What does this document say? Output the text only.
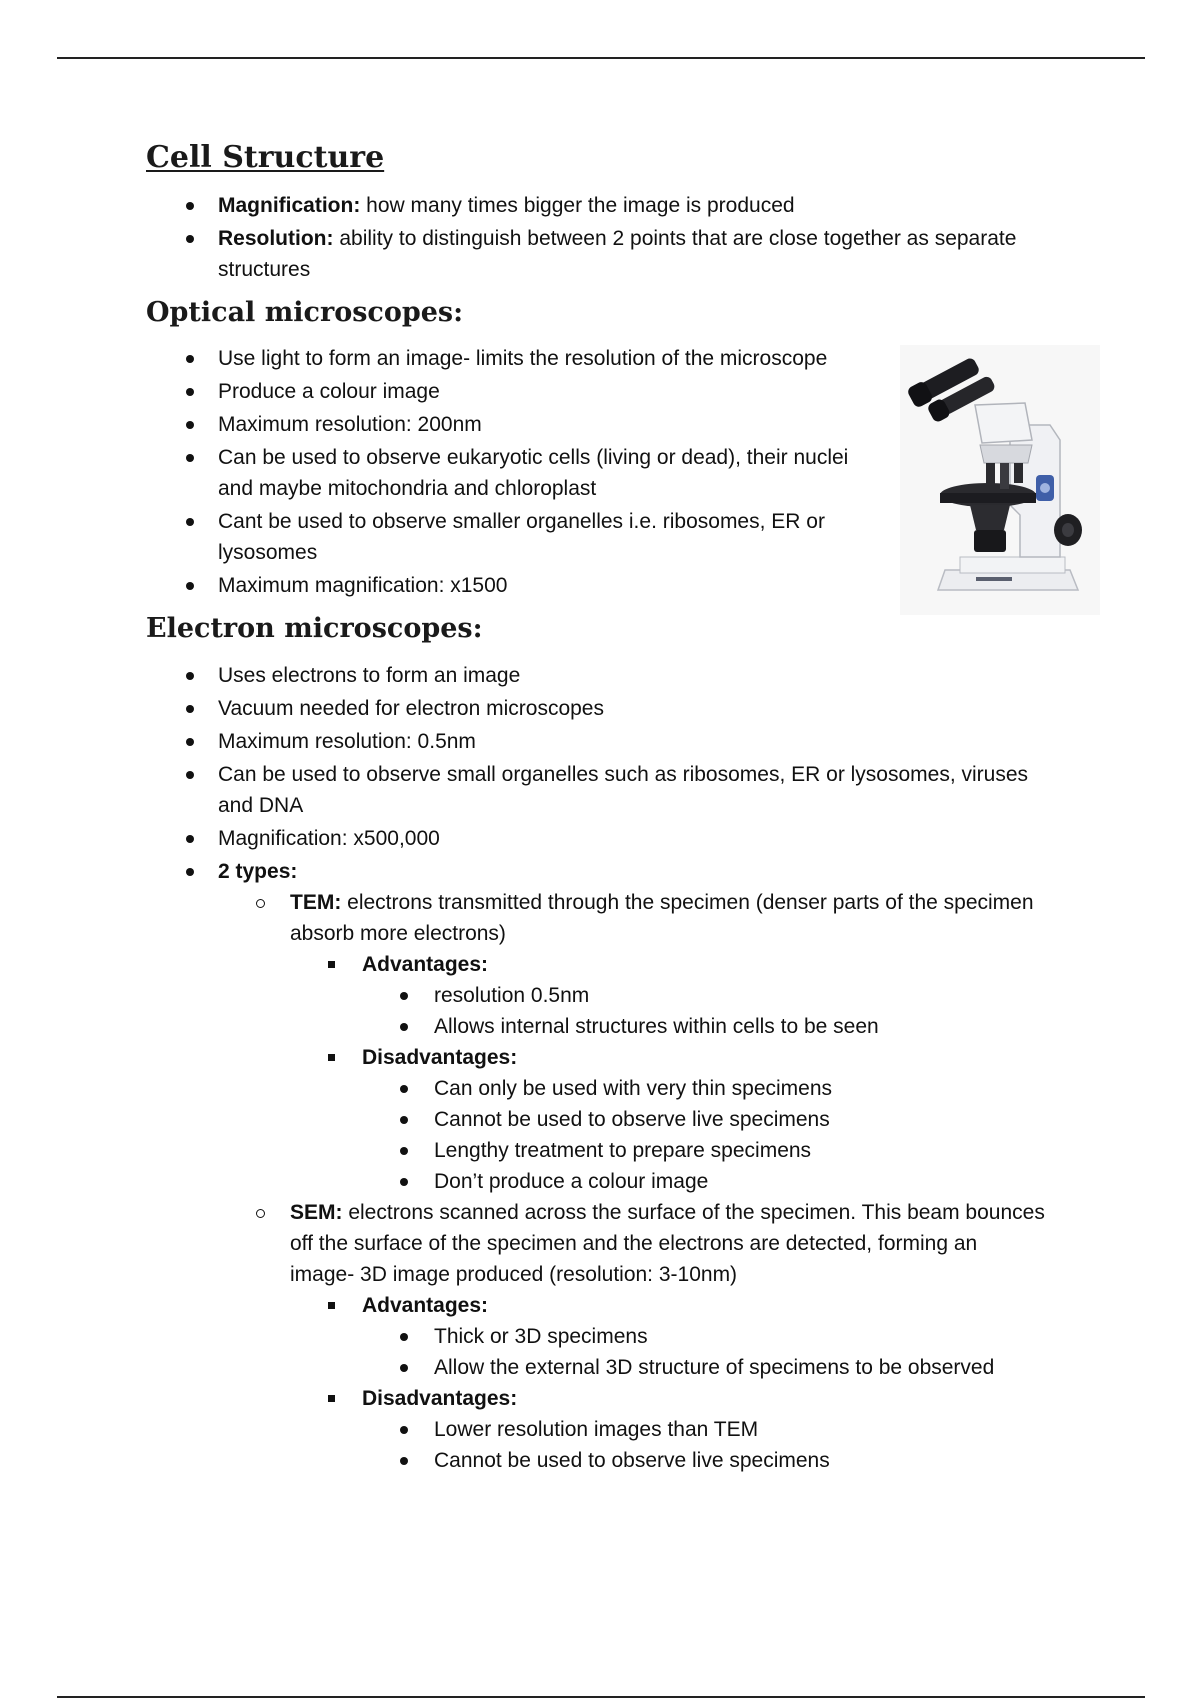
Cell Structure
Magnification: how many times bigger the image is produced
Resolution: ability to distinguish between 2 points that are close together as separate structures
Optical microscopes:
Use light to form an image- limits the resolution of the microscope
Produce a colour image
Maximum resolution: 200nm
Can be used to observe eukaryotic cells (living or dead), their nuclei and maybe mitochondria and chloroplast
Cant be used to observe smaller organelles i.e. ribosomes, ER or lysosomes
Maximum magnification: x1500
Electron microscopes:
Uses electrons to form an image
Vacuum needed for electron microscopes
Maximum resolution: 0.5nm
Can be used to observe small organelles such as ribosomes, ER or lysosomes, viruses and DNA
Magnification: x500,000
2 types:
TEM: electrons transmitted through the specimen (denser parts of the specimen absorb more electrons)
Advantages:
resolution 0.5nm
Allows internal structures within cells to be seen
Disadvantages:
Can only be used with very thin specimens
Cannot be used to observe live specimens
Lengthy treatment to prepare specimens
Don’t produce a colour image
SEM: electrons scanned across the surface of the specimen. This beam bounces off the surface of the specimen and the electrons are detected, forming an image- 3D image produced (resolution: 3-10nm)
Advantages:
Thick or 3D specimens
Allow the external 3D structure of specimens to be observed
Disadvantages:
Lower resolution images than TEM
Cannot be used to observe live specimens
